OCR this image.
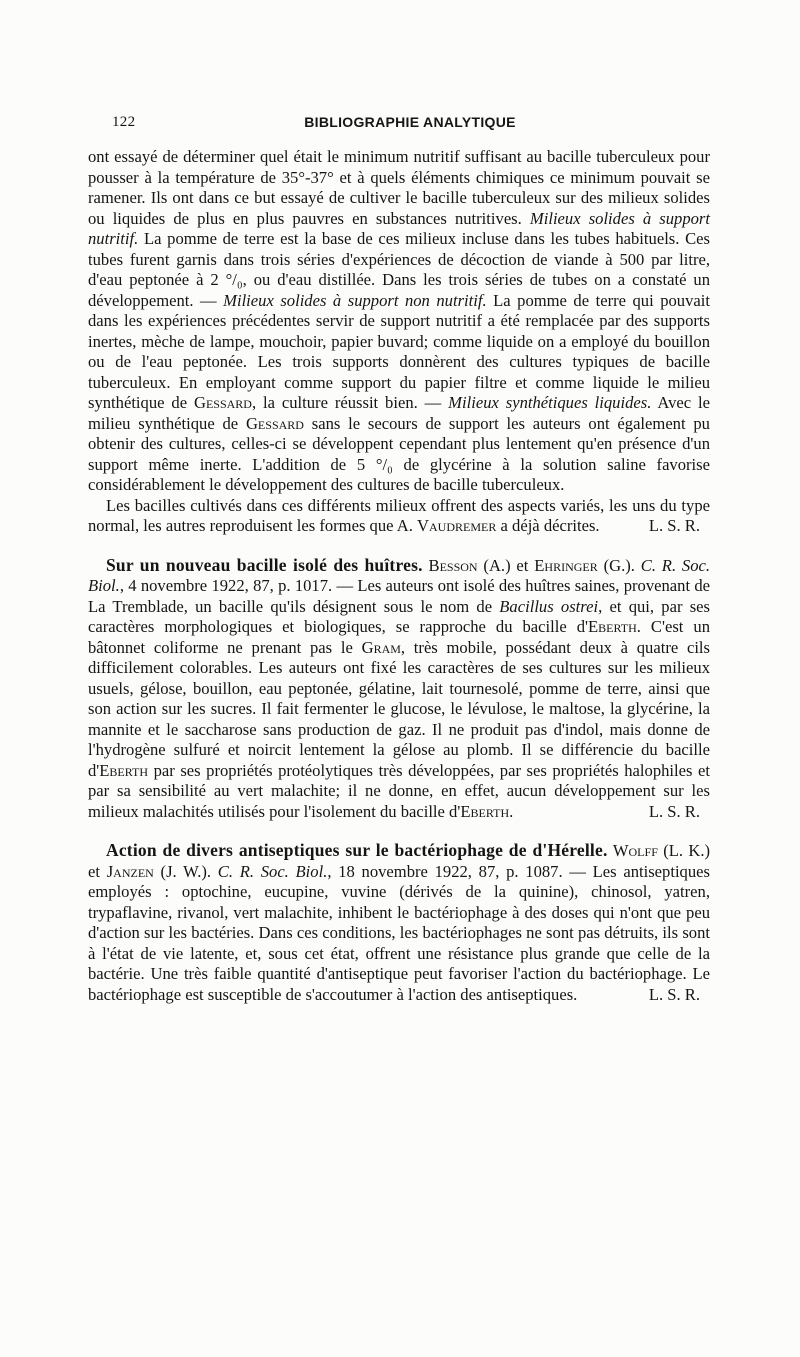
122	BIBLIOGRAPHIE ANALYTIQUE

ont essayé de déterminer quel était le minimum nutritif suffisant au bacille tuberculeux pour pousser à la température de 35°-37° et à quels éléments chimiques ce minimum pouvait se ramener. Ils ont dans ce but essayé de cultiver le bacille tuberculeux sur des milieux solides ou liquides de plus en plus pauvres en substances nutritives. Milieux solides à support nutritif. La pomme de terre est la base de ces milieux incluse dans les tubes habituels. Ces tubes furent garnis dans trois séries d'expériences de décoction de viande à 500 par litre, d'eau peptonée à 2 °/₀, ou d'eau distillée. Dans les trois séries de tubes on a constaté un développement. — Milieux solides à support non nutritif. La pomme de terre qui pouvait dans les expériences précédentes servir de support nutritif a été remplacée par des supports inertes, mèche de lampe, mouchoir, papier buvard; comme liquide on a employé du bouillon ou de l'eau peptonée. Les trois supports donnèrent des cultures typiques de bacille tuberculeux. En employant comme support du papier filtre et comme liquide le milieu synthétique de Gessard, la culture réussit bien. — Milieux synthétiques liquides. Avec le milieu synthétique de Gessard sans le secours de support les auteurs ont également pu obtenir des cultures, celles-ci se développent cependant plus lentement qu'en présence d'un support même inerte. L'addition de 5 °/₀ de glycérine à la solution saline favorise considérablement le développement des cultures de bacille tuberculeux.

Les bacilles cultivés dans ces différents milieux offrent des aspects variés, les uns du type normal, les autres reproduisent les formes que A. Vaudremer a déjà décrites.	L. S. R.

Sur un nouveau bacille isolé des huîtres. Besson (A.) et Ehringer (G.). C. R. Soc. Biol., 4 novembre 1922, 87, p. 1017. — Les auteurs ont isolé des huîtres saines, provenant de La Tremblade, un bacille qu'ils désignent sous le nom de Bacillus ostrei, et qui, par ses caractères morphologiques et biologiques, se rapproche du bacille d'Eberth. C'est un bâtonnet coliforme ne prenant pas le Gram, très mobile, possédant deux à quatre cils difficilement colorables. Les auteurs ont fixé les caractères de ses cultures sur les milieux usuels, gélose, bouillon, eau peptonée, gélatine, lait tournesolé, pomme de terre, ainsi que son action sur les sucres. Il fait fermenter le glucose, le lévulose, le maltose, la glycérine, la mannite et le saccharose sans production de gaz. Il ne produit pas d'indol, mais donne de l'hydrogène sulfuré et noircit lentement la gélose au plomb. Il se différencie du bacille d'Eberth par ses propriétés protéolytiques très développées, par ses propriétés halophiles et par sa sensibilité au vert malachite; il ne donne, en effet, aucun développement sur les milieux malachités utilisés pour l'isolement du bacille d'Eberth.	L. S. R.

Action de divers antiseptiques sur le bactériophage de d'Hérelle. Wolff (L. K.) et Janzen (J. W.). C. R. Soc. Biol., 18 novembre 1922, 87, p. 1087. — Les antiseptiques employés : optochine, eucupine, vuvine (dérivés de la quinine), chinosol, yatren, trypaflavine, rivanol, vert malachite, inhibent le bactériophage à des doses qui n'ont que peu d'action sur les bactéries. Dans ces conditions, les bactériophages ne sont pas détruits, ils sont à l'état de vie latente, et, sous cet état, offrent une résistance plus grande que celle de la bactérie. Une très faible quantité d'antiseptique peut favoriser l'action du bactériophage. Le bactériophage est susceptible de s'accoutumer à l'action des antiseptiques.	L. S. R.
